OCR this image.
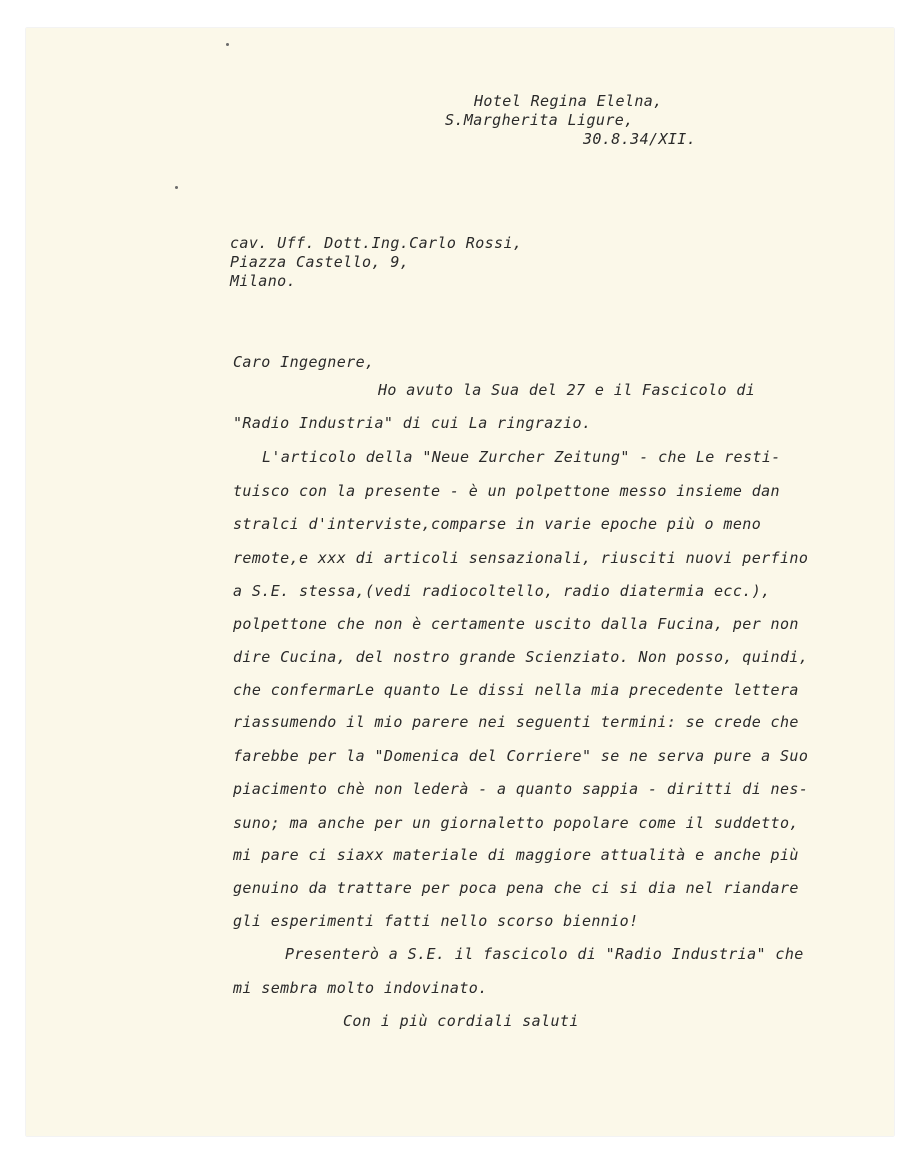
Hotel Regina Elelna,
S.Margherita Ligure,
30.8.34/XII.
cav. Uff. Dott.Ing.Carlo Rossi,
Piazza Castello, 9,
Milano.
Caro Ingegnere,
Ho avuto la Sua del 27 e il Fascicolo di
"Radio Industria" di cui La ringrazio.
L'articolo della "Neue Zurcher Zeitung" - che Le resti-
tuisco con la presente - è un polpettone messo insieme dan
stralci d'interviste,comparse in varie epoche più o meno
remote,e xxx di articoli sensazionali, riusciti nuovi perfino
a S.E. stessa,(vedi radiocoltello, radio diatermia ecc.),
polpettone che non è certamente uscito dalla Fucina, per non
dire Cucina, del nostro grande Scienziato. Non posso, quindi,
che confermarLe quanto Le dissi nella mia precedente lettera
riassumendo il mio parere nei seguenti termini: se crede che
farebbe per la "Domenica del Corriere" se ne serva pure a Suo
piacimento chè non lederà - a quanto sappia - diritti di nes-
suno; ma anche per un giornaletto popolare come il suddetto,
mi pare ci siaxx materiale di maggiore attualità e anche più
genuino da trattare per poca pena che ci si dia nel riandare
gli esperimenti fatti nello scorso biennio!
Presenterò a S.E. il fascicolo di "Radio Industria" che
mi sembra molto indovinato.
Con i più cordiali saluti
